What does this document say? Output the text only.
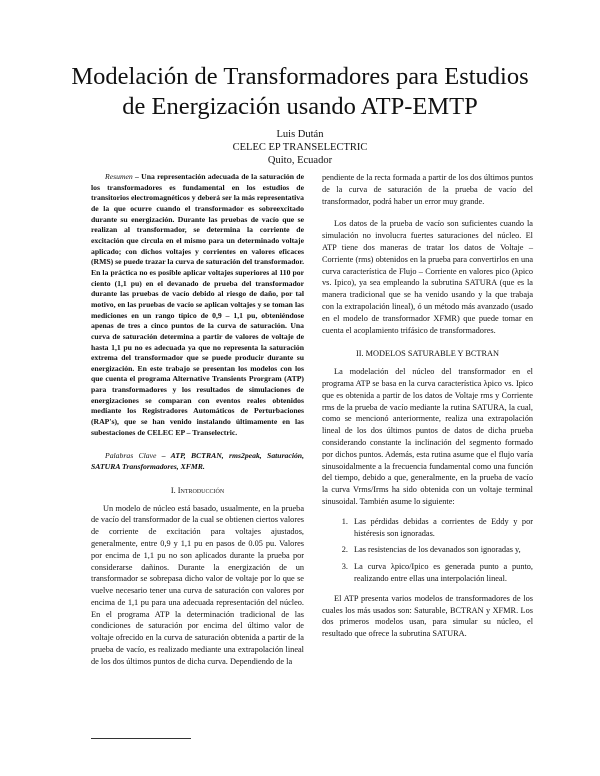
Modelación de Transformadores para Estudios
de Energización usando ATP-EMTP
Luis Dután
CELEC EP TRANSELECTRIC
Quito, Ecuador

Resumen – Una representación adecuada de la saturación de los transformadores es fundamental en los estudios de transitorios electromagnéticos y deberá ser la más representativa de la que ocurre cuando el transformador es sobreexcitado durante su energización. Durante las pruebas de vacío que se realizan al transformador, se determina la corriente de excitación que circula en el mismo para un determinado voltaje aplicado; con dichos voltajes y corrientes en valores eficaces (RMS) se puede trazar la curva de saturación del transformador. En la práctica no es posible aplicar voltajes superiores al 110 por ciento (1,1 pu) en el devanado de prueba del transformador durante las pruebas de vacío debido al riesgo de daño, por tal motivo, en las pruebas de vacío se aplican voltajes y se toman las mediciones en un rango típico de 0,9 – 1,1 pu, obteniéndose apenas de tres a cinco puntos de la curva de saturación. Una curva de saturación determina a partir de valores de voltaje de hasta 1,1 pu no es adecuada ya que no representa la saturación extrema del transformador que se puede producir durante su energización. En este trabajo se presentan los modelos con los que cuenta el programa Alternative Transients Prorgram (ATP) para transformadores y los resultados de simulaciones de energizaciones se comparan con eventos reales obtenidos mediante los Registradores Automáticos de Perturbaciones (RAP's), que se han venido instalando últimamente en las subestaciones de CELEC EP – Transelectric.

Palabras Clave – ATP, BCTRAN, rms2peak, Saturación, SATURA Transformadores, XFMR.

I. Introducción

Un modelo de núcleo está basado, usualmente, en la prueba de vacío del transformador de la cual se obtienen ciertos valores de corriente de excitación para voltajes ajustados, generalmente, entre 0,9 y 1,1 pu en pasos de 0.05 pu. Valores por encima de 1,1 pu no son aplicados durante la prueba por considerarse dañinos. Durante la energización de un transformador se sobrepasa dicho valor de voltaje por lo que se vuelve necesario tener una curva de saturación con valores por encima de 1,1 pu para una adecuada representación del núcleo. En el programa ATP la determinación tradicional de las condiciones de saturación por encima del último valor de voltaje ofrecido en la curva de saturación obtenida a partir de la prueba de vacío, es realizado mediante una extrapolación lineal de los dos últimos puntos de dicha curva. Dependiendo de la

pendiente de la recta formada a partir de los dos últimos puntos de la curva de saturación de la prueba de vacío del transformador, podrá haber un error muy grande.

Los datos de la prueba de vacío son suficientes cuando la simulación no involucra fuertes saturaciones del núcleo. El ATP tiene dos maneras de tratar los datos de Voltaje – Corriente (rms) obtenidos en la prueba para convertirlos en una curva característica de Flujo – Corriente en valores pico (λpico vs. Ipico), ya sea empleando la subrutina SATURA (que es la manera tradicional que se ha venido usando y la que trabaja con la extrapolación lineal), ó un método más avanzado (usado en el modelo de transformador XFMR) que puede tomar en cuenta el acoplamiento trifásico de transformadores.

II. MODELOS SATURABLE Y BCTRAN

La modelación del núcleo del transformador en el programa ATP se basa en la curva característica λpico vs. Ipico que es obtenida a partir de los datos de Voltaje rms y Corriente rms de la prueba de vacío mediante la rutina SATURA, la cual, como se mencionó anteriormente, realiza una extrapolación lineal de los dos últimos puntos de datos de dicha prueba considerando constante la inclinación del segmento formado por dichos puntos. Además, esta rutina asume que el flujo varía sinusoidalmente a la frecuencia fundamental como una función del tiempo, debido a que, generalmente, en la prueba de vacío la curva Vrms/Irms ha sido obtenida con un voltaje terminal sinusoidal. También asume lo siguiente:

1. Las pérdidas debidas a corrientes de Eddy y por histéresis son ignoradas.
2. Las resistencias de los devanados son ignoradas y,
3. La curva λpico/Ipico es generada punto a punto, realizando entre ellas una interpolación lineal.

El ATP presenta varios modelos de transformadores de los cuales los más usados son: Saturable, BCTRAN y XFMR. Los dos primeros modelos usan, para simular su núcleo, el resultado que ofrece la subrutina SATURA.
